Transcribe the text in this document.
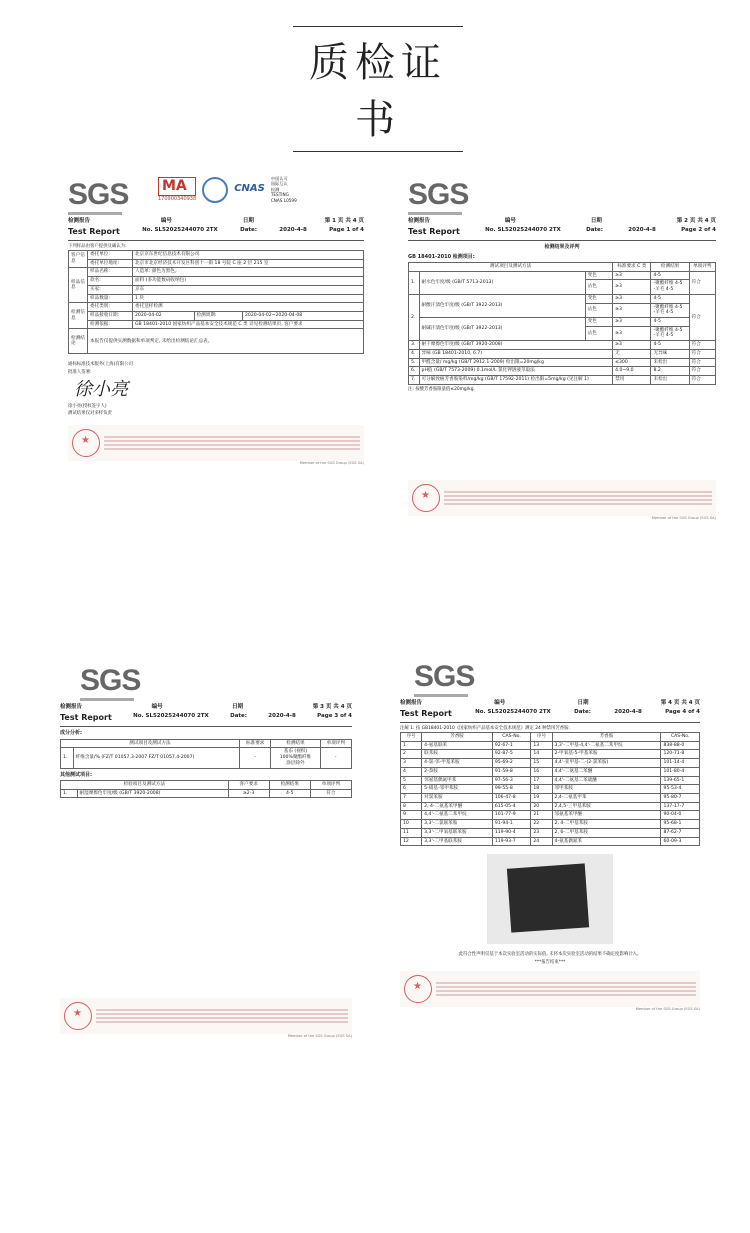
质检证书
SGS	MA
170900340938
CNAS
中国认可
国际互认
检测
TESTING
CNAS L0599
检测报告	编号	日期	第 1 页 共 4 页
Test Report	No. SL52025244070 2TX	Date:	2020-4-8	Page 1 of 4
下列样品由客户提供及确认为:
客户信息	委托单位:	北京京东世纪信息技术有限公司		
	委托单位地址:	北京市北京经济技术开发区科创十一街 18 号院 C 座 2 层 215 室		
样品信息	样品名称:	人造革: 颜色为黑色。		
	款名:	面料 (多功能数码收纳包)		
	买家:	京东		
	样品数量:	1 块		
检测信息	委托类别:	委托送样检测		
	样品接收日期:	2020-04-02	检测周期:	2020-04-02~2020-04-08
	检测依据:	GB 18401-2010 国家纺织产品基本安全技术规范 C 类 详见检测结果页, 客户要求		
检测结论	本报告仅提供实测数据和单项判定, 未给出检测结论汇总表。			
通标标准技术服务(上海)有限公司
批准人签署:
徐小亮
徐小亮(授权签字人)
测试结果仅对来样负责
★
Member of the SGS Group (SGS SA)
SGS
检测报告	编号	日期	第 2 页 共 4 页
Test Report	No. SL52025244070 2TX	Date:	2020-4-8	Page 2 of 4
检测结果及评判
GB 18401-2010 检测项目:
测试项目及测试方法			标准要求 C 类	检测结果	单项评判
1.	耐水色牢度/级 (GB/T 5713-2013)	变色	≥3	4-5	符合
		沾色	≥3	-聚酯纤维 4-5
-羊毛 4-5	
2.	耐酸汗渍色牢度/级 (GB/T 3922-2013)	变色	≥3	4-5	符合
		沾色	≥3	-聚酯纤维 4-5
-羊毛 4-5	
	耐碱汗渍色牢度/级 (GB/T 3922-2013)	变色	≥3	4-5	
		沾色	≥3	-聚酯纤维 4-5
-羊毛 4-5	
3.	耐干摩擦色牢度/级 (GB/T 3920-2008)		≥3	4-5	符合
4.	异味 (GB 18401-2010, 6.7)		无	无异味	符合
5.	甲醛含量/ mg/kg (GB/T 2912.1-2009) 检出限=20mg/kg		≤300	未检出	符合
6.	pH值 (GB/T 7573-2009) 0.1mol/L 氯化钾溶液萃取法		4.0~9.0	8.2	符合
7.	可分解致癌芳香胺染料/mg/kg (GB/T 17592-2011) 检出限=5mg/kg (见注解 1)		禁用	未检出	符合
注: 按酸芳香胺限量值≤20mg/kg.
★
Member of the SGS Group (SGS SA)
SGS
检测报告	编号	日期	第 3 页 共 4 页
Test Report	No. SL52025244070 2TX	Date:	2020-4-8	Page 3 of 4
成分分析:
测试项目及测试方法		标准要求	检测结果	单项评判
1.	纤维含量/% (FZ/T 01057.3-2007 FZ/T 01057.4-2007)	-	基布 (视织)
100%聚酯纤维
涂层除外	-
其他测试项目:
检验项目及测试方法		客户要求	检测结果	单项评判
1.	耐湿摩擦色牢度/级 (GB/T 3920-2008)	≥2-3	4-5	符合
★
Member of the SGS Group (SGS SA)
SGS
检测报告	编号	日期	第 4 页 共 4 页
Test Report	No. SL52025244070 2TX	Date:	2020-4-8	Page 4 of 4
注解 1: 按 GB18401-2010《国家纺织产品基本安全技术规范》测定 24 种禁用芳香胺:
序号	芳香胺	CAS-No.	序号	芳香胺	CAS-No.
1	4-氨基联苯	92-67-1	13	3,3'-二甲基-4,4'-二氨基二苯甲烷	838-88-0
2	联苯胺	92-87-5	14	2-甲氧基-5-甲基苯胺	120-71-8
3	4-氯-邻-甲基苯胺	95-69-2	15	4,4'-亚甲基-二-(2-氯苯胺)	101-14-4
4	2-萘胺	91-59-8	16	4,4'-二氨基二苯醚	101-80-4
5	邻氨基偶氮甲苯	97-56-3	17	4,4'-二氨基二苯硫醚	139-65-1
6	5-硝基-邻甲苯胺	99-55-8	18	邻甲苯胺	95-53-4
7	对氯苯胺	106-47-8	19	2,4-二氨基甲苯	95-80-7
8	2, 4-二氨基苯甲醚	615-05-4	20	2,4,5-三甲基苯胺	137-17-7
9	4,4'-二氨基二苯甲烷	101-77-9	21	邻氨基苯甲醚	90-04-0
10	3,3'-二氯联苯胺	91-94-1	22	2, 4-二甲基苯胺	95-68-1
11	3,3'-二甲氧基联苯胺	119-90-4	23	2, 6-二甲基苯胺	87-62-7
12	3,3'-二甲基联苯胺	119-93-7	24	4-氨基偶氮苯	60-09-3
此符合性声明仅基于本次实验室活动的实际值, 未将本次实验室活动的结果不确定度影响计入。
***报告结束***
★
Member of the SGS Group (SGS SA)
